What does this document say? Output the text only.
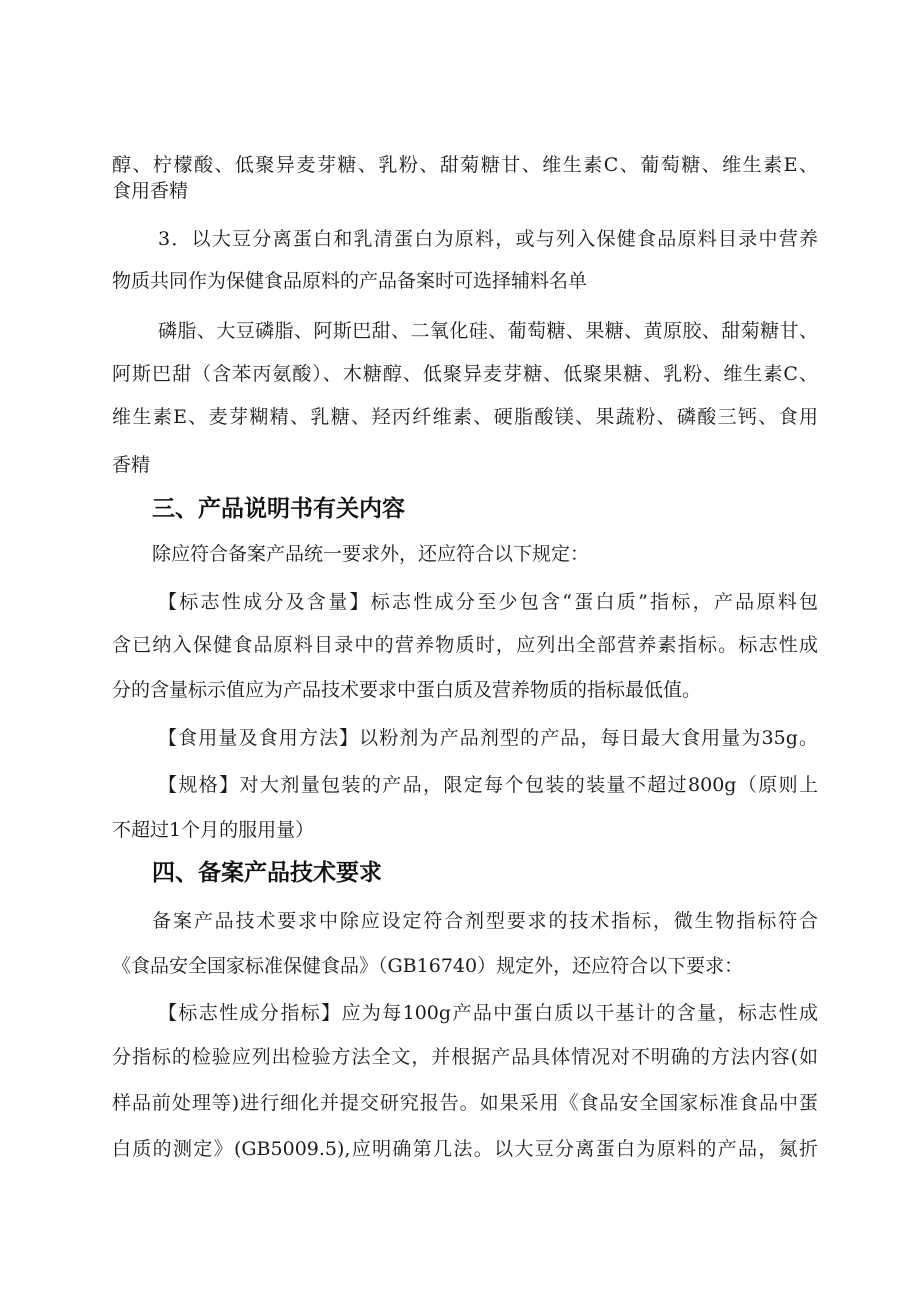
醇、柠檬酸、低聚异麦芽糖、乳粉、甜菊糖甘、维生素C、葡萄糖、维生素E、
食用香精
3．以大豆分离蛋白和乳清蛋白为原料，或与列入保健食品原料目录中营养
物质共同作为保健食品原料的产品备案时可选择辅料名单
磷脂、大豆磷脂、阿斯巴甜、二氧化硅、葡萄糖、果糖、黄原胶、甜菊糖甘、
阿斯巴甜（含苯丙氨酸）、木糖醇、低聚异麦芽糖、低聚果糖、乳粉、维生素C、
维生素E、麦芽糊精、乳糖、羟丙纤维素、硬脂酸镁、果蔬粉、磷酸三钙、食用
香精
三、产品说明书有关内容
除应符合备案产品统一要求外，还应符合以下规定：
【标志性成分及含量】标志性成分至少包含“蛋白质”指标，产品原料包
含已纳入保健食品原料目录中的营养物质时，应列出全部营养素指标。标志性成
分的含量标示值应为产品技术要求中蛋白质及营养物质的指标最低值。
【食用量及食用方法】以粉剂为产品剂型的产品，每日最大食用量为35g。
【规格】对大剂量包装的产品，限定每个包装的装量不超过800g（原则上
不超过1个月的服用量）
四、备案产品技术要求
备案产品技术要求中除应设定符合剂型要求的技术指标，微生物指标符合
《食品安全国家标准保健食品》（GB16740）规定外，还应符合以下要求：
【标志性成分指标】应为每100g产品中蛋白质以干基计的含量，标志性成
分指标的检验应列出检验方法全文，并根据产品具体情况对不明确的方法内容(如
样品前处理等)进行细化并提交研究报告。如果采用《食品安全国家标准食品中蛋
白质的测定》(GB5009.5),应明确第几法。以大豆分离蛋白为原料的产品，氮折
